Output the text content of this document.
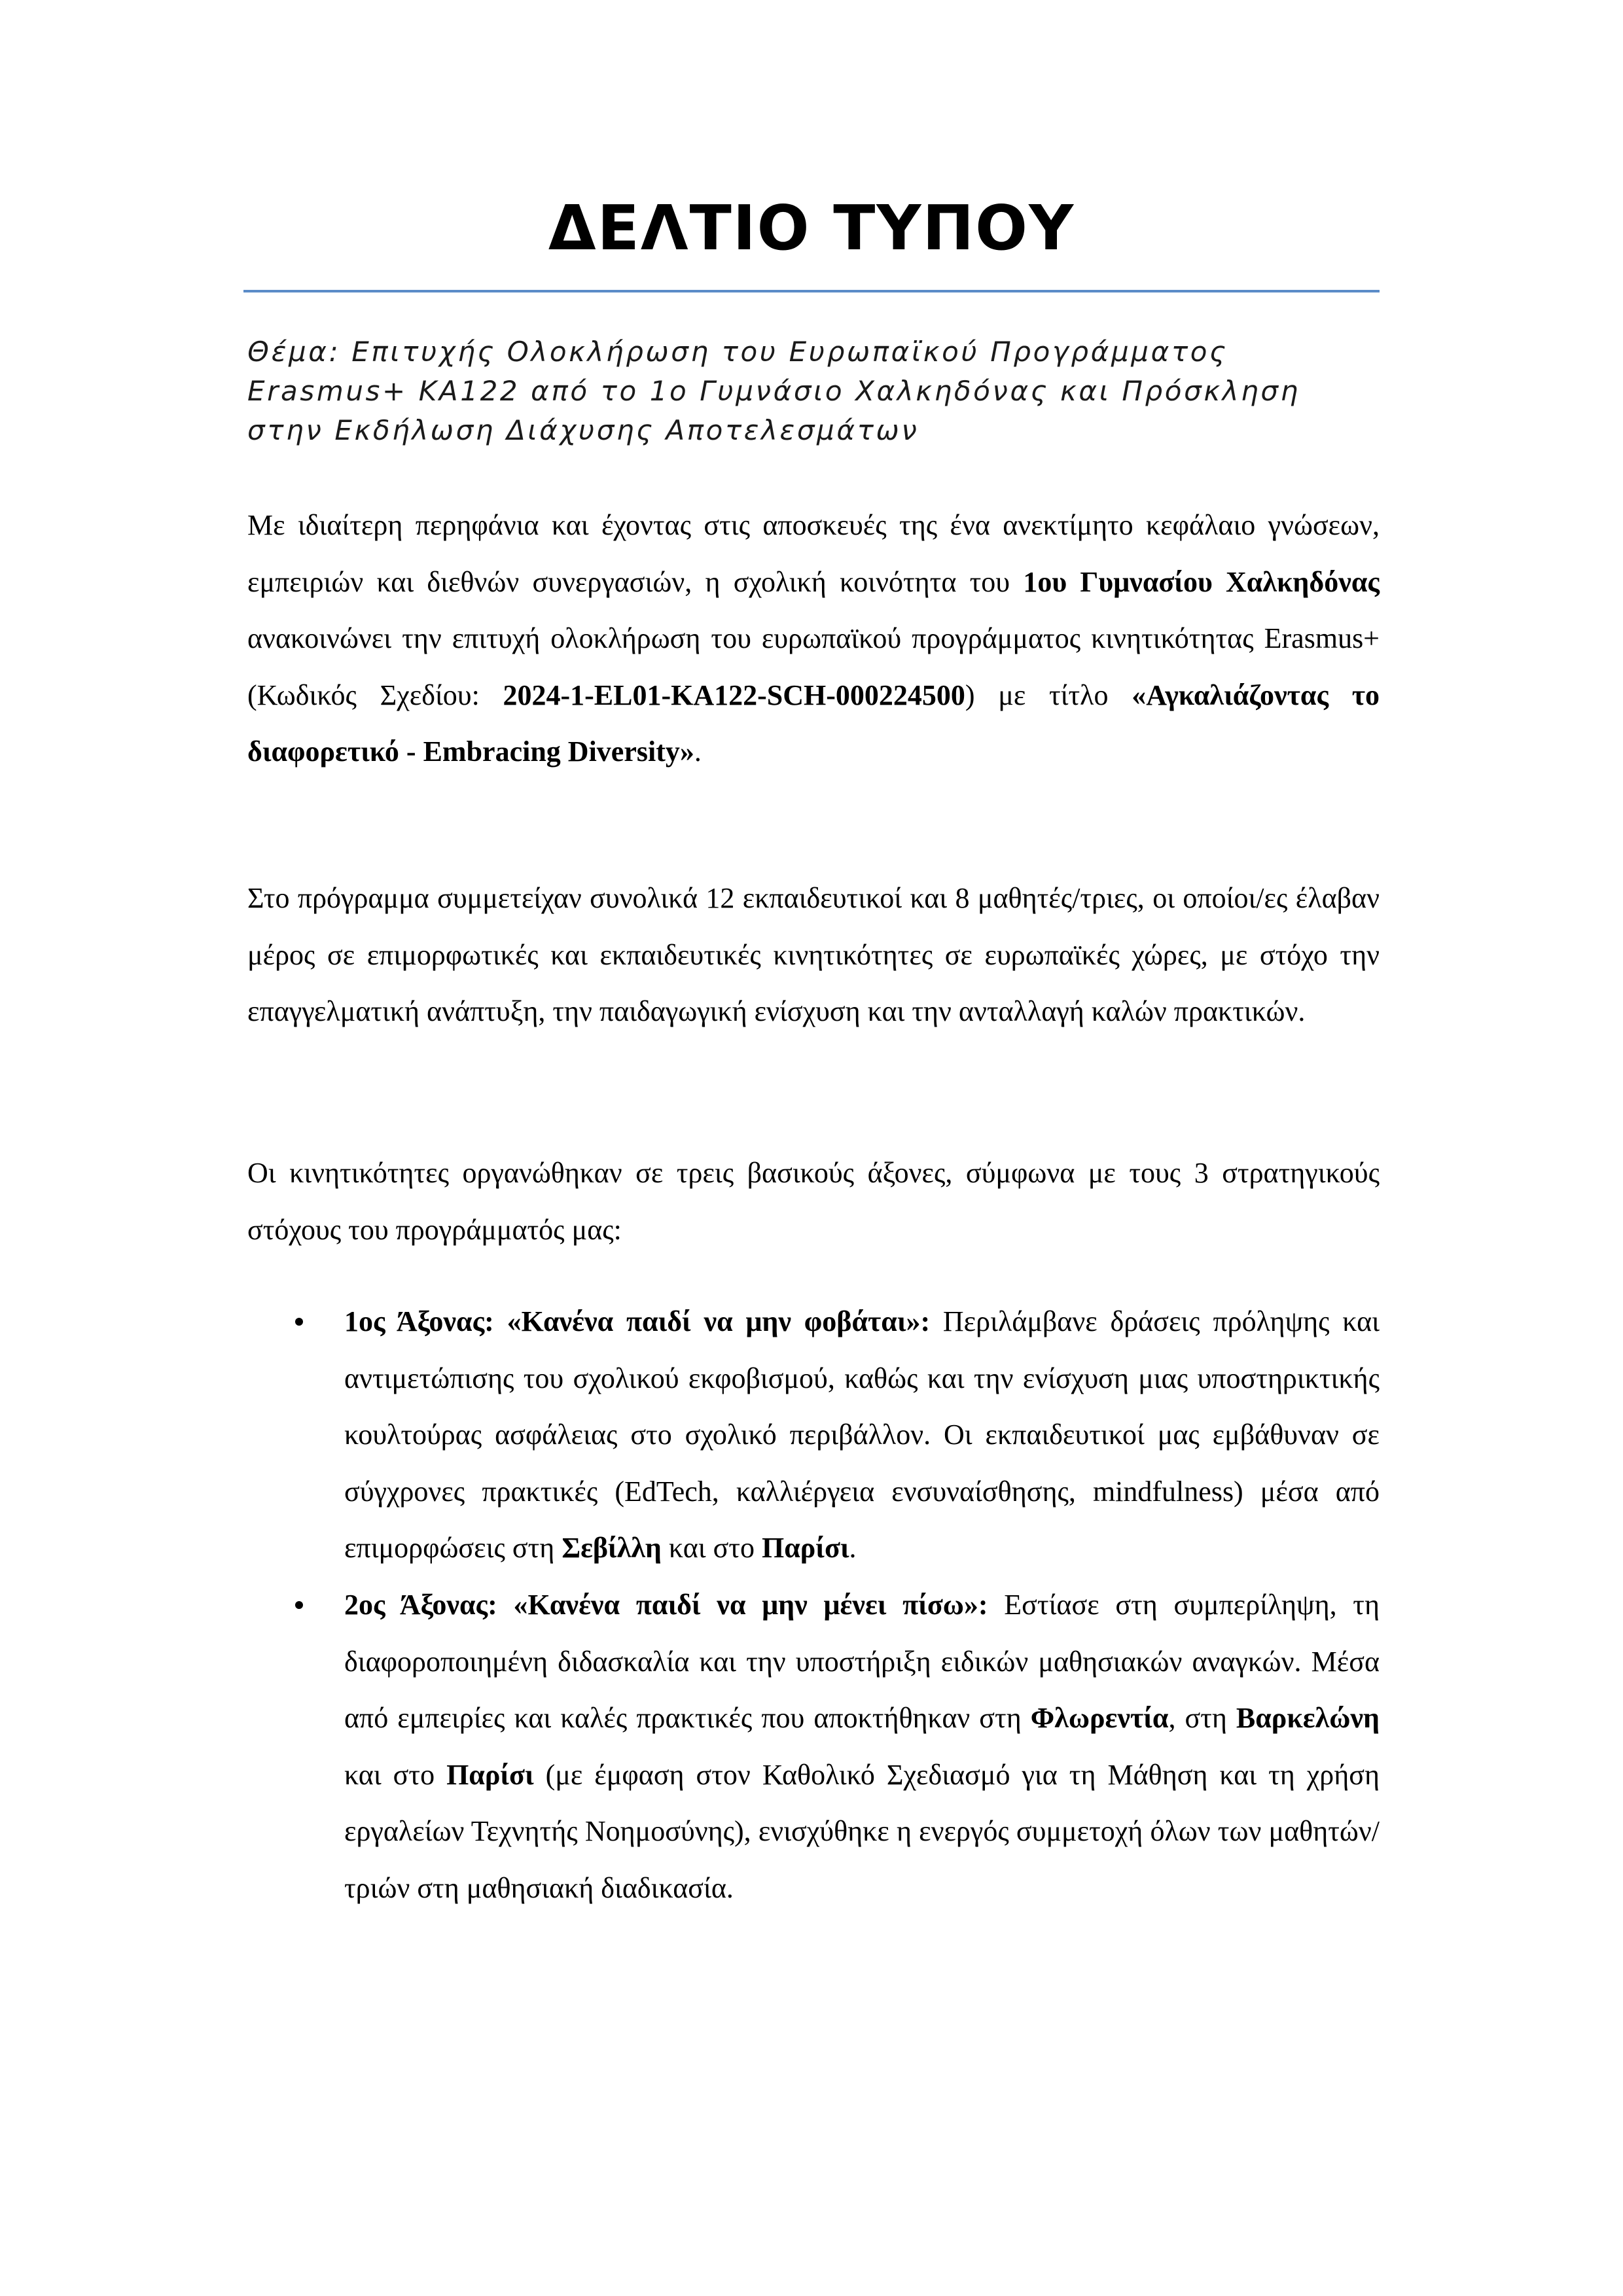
ΔΕΛΤΙΟ ΤΥΠΟΥ

Θέμα: Επιτυχής Ολοκλήρωση του Ευρωπαϊκού Προγράμματος Erasmus+ ΚΑ122 από το 1ο Γυμνάσιο Χαλκηδόνας και Πρόσκληση στην Εκδήλωση Διάχυσης Αποτελεσμάτων

Με ιδιαίτερη περηφάνια και έχοντας στις αποσκευές της ένα ανεκτίμητο κεφάλαιο γνώσεων, εμπειριών και διεθνών συνεργασιών, η σχολική κοινότητα του 1ου Γυμνασίου Χαλκηδόνας ανακοινώνει την επιτυχή ολοκλήρωση του ευρωπαϊκού προγράμματος κινητικότητας Erasmus+ (Κωδικός Σχεδίου: 2024-1-EL01-KA122-SCH-000224500) με τίτλο «Αγκαλιάζοντας το διαφορετικό - Embracing Diversity».

Στο πρόγραμμα συμμετείχαν συνολικά 12 εκπαιδευτικοί και 8 μαθητές/τριες, οι οποίοι/ες έλαβαν μέρος σε επιμορφωτικές και εκπαιδευτικές κινητικότητες σε ευρωπαϊκές χώρες, με στόχο την επαγγελματική ανάπτυξη, την παιδαγωγική ενίσχυση και την ανταλλαγή καλών πρακτικών.

Οι κινητικότητες οργανώθηκαν σε τρεις βασικούς άξονες, σύμφωνα με τους 3 στρατηγικούς στόχους του προγράμματός μας:

1ος Άξονας: «Κανένα παιδί να μην φοβάται»: Περιλάμβανε δράσεις πρόληψης και αντιμετώπισης του σχολικού εκφοβισμού, καθώς και την ενίσχυση μιας υποστηρικτικής κουλτούρας ασφάλειας στο σχολικό περιβάλλον. Οι εκπαιδευτικοί μας εμβάθυναν σε σύγχρονες πρακτικές (EdTech, καλλιέργεια ενσυναίσθησης, mindfulness) μέσα από επιμορφώσεις στη Σεβίλλη και στο Παρίσι.
2ος Άξονας: «Κανένα παιδί να μην μένει πίσω»: Εστίασε στη συμπερίληψη, τη διαφοροποιημένη διδασκαλία και την υποστήριξη ειδικών μαθησιακών αναγκών. Μέσα από εμπειρίες και καλές πρακτικές που αποκτήθηκαν στη Φλωρεντία, στη Βαρκελώνη και στο Παρίσι (με έμφαση στον Καθολικό Σχεδιασμό για τη Μάθηση και τη χρήση εργαλείων Τεχνητής Νοημοσύνης), ενισχύθηκε η ενεργός συμμετοχή όλων των μαθητών/τριών στη μαθησιακή διαδικασία.
